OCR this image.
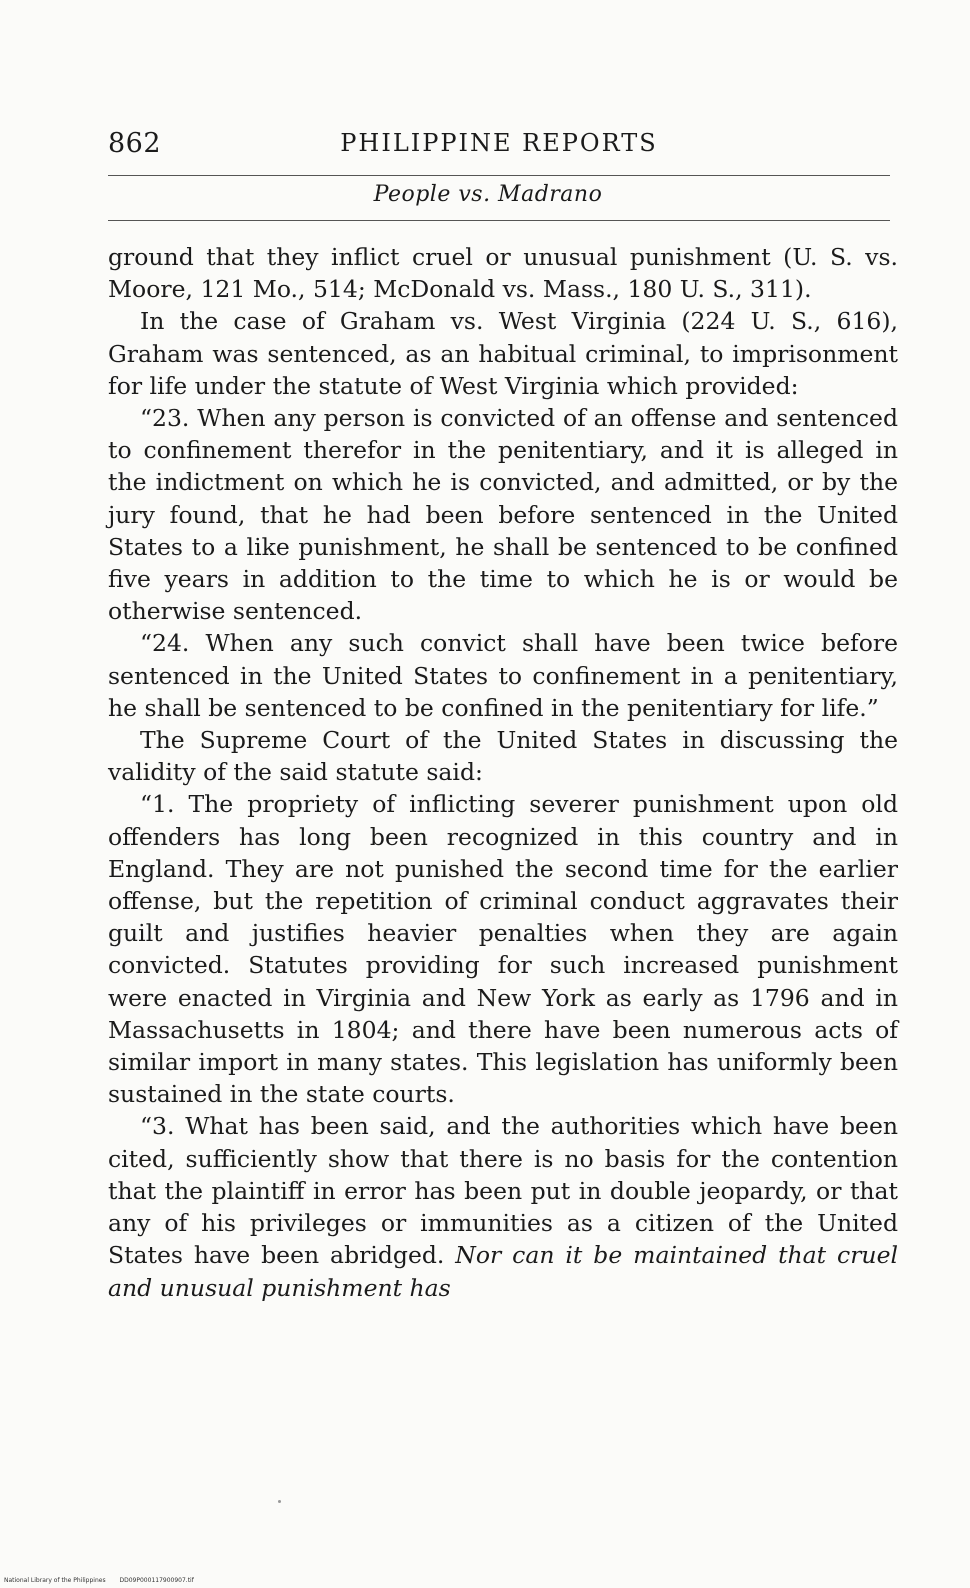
862	PHILIPPINE REPORTS
People vs. Madrano

ground that they inflict cruel or unusual punishment (U. S. vs. Moore, 121 Mo., 514; McDonald vs. Mass., 180 U. S., 311).

In the case of Graham vs. West Virginia (224 U. S., 616), Graham was sentenced, as an habitual criminal, to imprisonment for life under the statute of West Virginia which provided:

“23. When any person is convicted of an offense and sentenced to confinement therefor in the penitentiary, and it is alleged in the indictment on which he is convicted, and admitted, or by the jury found, that he had been before sentenced in the United States to a like punishment, he shall be sentenced to be confined five years in addition to the time to which he is or would be otherwise sentenced.

“24. When any such convict shall have been twice before sentenced in the United States to confinement in a penitentiary, he shall be sentenced to be confined in the penitentiary for life.”

The Supreme Court of the United States in discussing the validity of the said statute said:

“1. The propriety of inflicting severer punishment upon old offenders has long been recognized in this country and in England. They are not punished the second time for the earlier offense, but the repetition of criminal conduct aggravates their guilt and justifies heavier penalties when they are again convicted. Statutes providing for such increased punishment were enacted in Virginia and New York as early as 1796 and in Massachusetts in 1804; and there have been numerous acts of similar import in many states. This legislation has uniformly been sustained in the state courts.

“3. What has been said, and the authorities which have been cited, sufficiently show that there is no basis for the contention that the plaintiff in error has been put in double jeopardy, or that any of his privileges or immunities as a citizen of the United States have been abridged. Nor can it be maintained that cruel and unusual punishment has

National Library of the Philippines DD09P000117900907.tif
